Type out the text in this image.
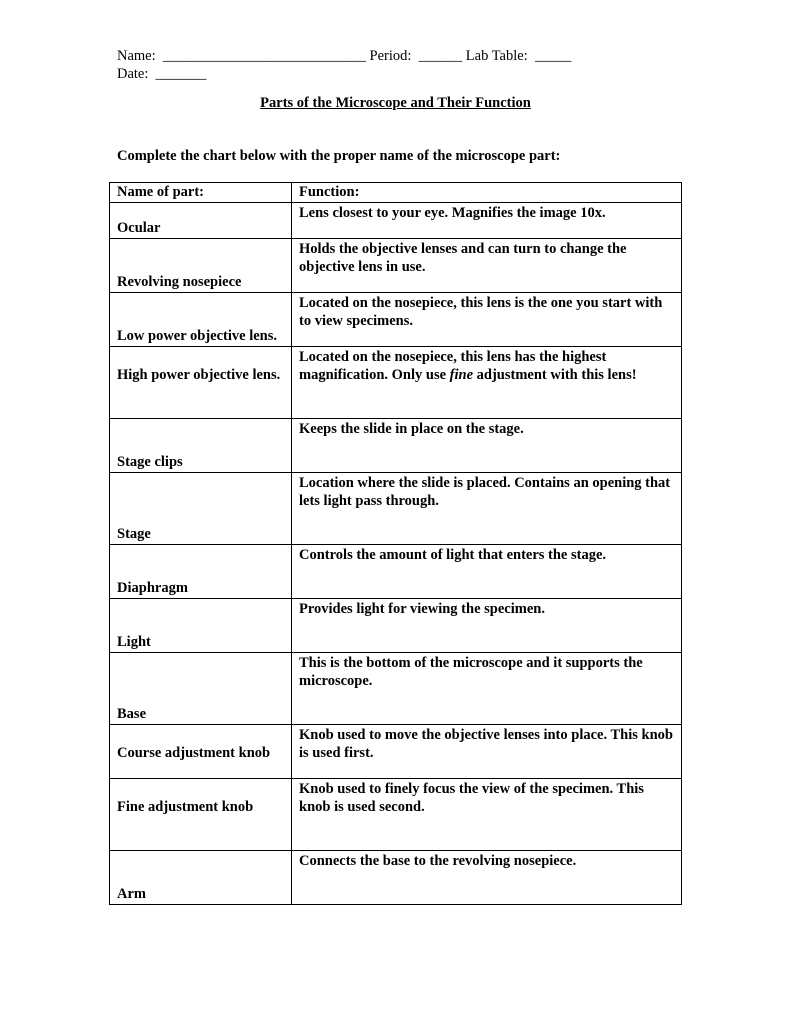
Name:  ____________________________ Period:  ______ Lab Table:  _____
Date:  _______
Parts of the Microscope and Their Function
Complete the chart below with the proper name of the microscope part:
Name of part:	Function:
Ocular	Lens closest to your eye. Magnifies the image 10x.
Revolving nosepiece	Holds the objective lenses and can turn to change the objective lens in use.
Low power objective lens.	Located on the nosepiece, this lens is the one you start with to view specimens.
High power objective lens.	Located on the nosepiece, this lens has the highest magnification. Only use fine adjustment with this lens!
Stage clips	Keeps the slide in place on the stage.
Stage	Location where the slide is placed. Contains an opening that lets light pass through.
Diaphragm	Controls the amount of light that enters the stage.
Light	Provides light for viewing the specimen.
Base	This is the bottom of the microscope and it supports the microscope.
Course adjustment knob	Knob used to move the objective lenses into place. This knob is used first.
Fine adjustment knob	Knob used to finely focus the view of the specimen. This knob is used second.
Arm	Connects the base to the revolving nosepiece.
